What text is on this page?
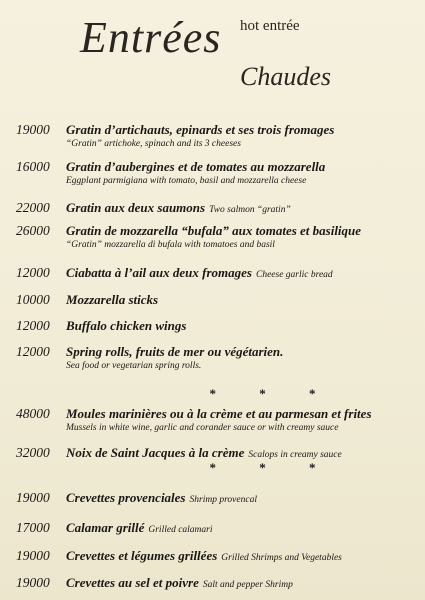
Entrées hot entrée
Chaudes
19000	Gratin d’artichauts, epinards et ses trois fromages
“Gratin” artichoke, spinach and its 3 cheeses
16000	Gratin d’aubergines et de tomates au mozzarella
Eggplant parmigiana with tomato, basil and mozzarella cheese
22000	Gratin aux deux saumons Two salmon “gratin”
26000	Gratin de mozzarella “bufala” aux tomates et basilique
“Gratin” mozzarella di bufala with tomatoes and basil
12000	Ciabatta à l’ail aux deux fromages Cheese garlic bread
10000	Mozzarella sticks
12000	Buffalo chicken wings
12000	Spring rolls, fruits de mer ou végétarien.
Sea food or vegetarian spring rolls.
* * *
48000	Moules marinières ou à la crème et au parmesan et frites
Mussels in white wine, garlic and corander sauce or with creamy sauce
32000	Noix de Saint Jacques à la crème Scalops in creamy sauce
* * *
19000	Crevettes provenciales Shrimp provencal
17000	Calamar grillé Grilled calamari
19000	Crevettes et légumes grillées Grilled Shrimps and Vegetables
19000	Crevettes au sel et poivre Salt and pepper Shrimp
